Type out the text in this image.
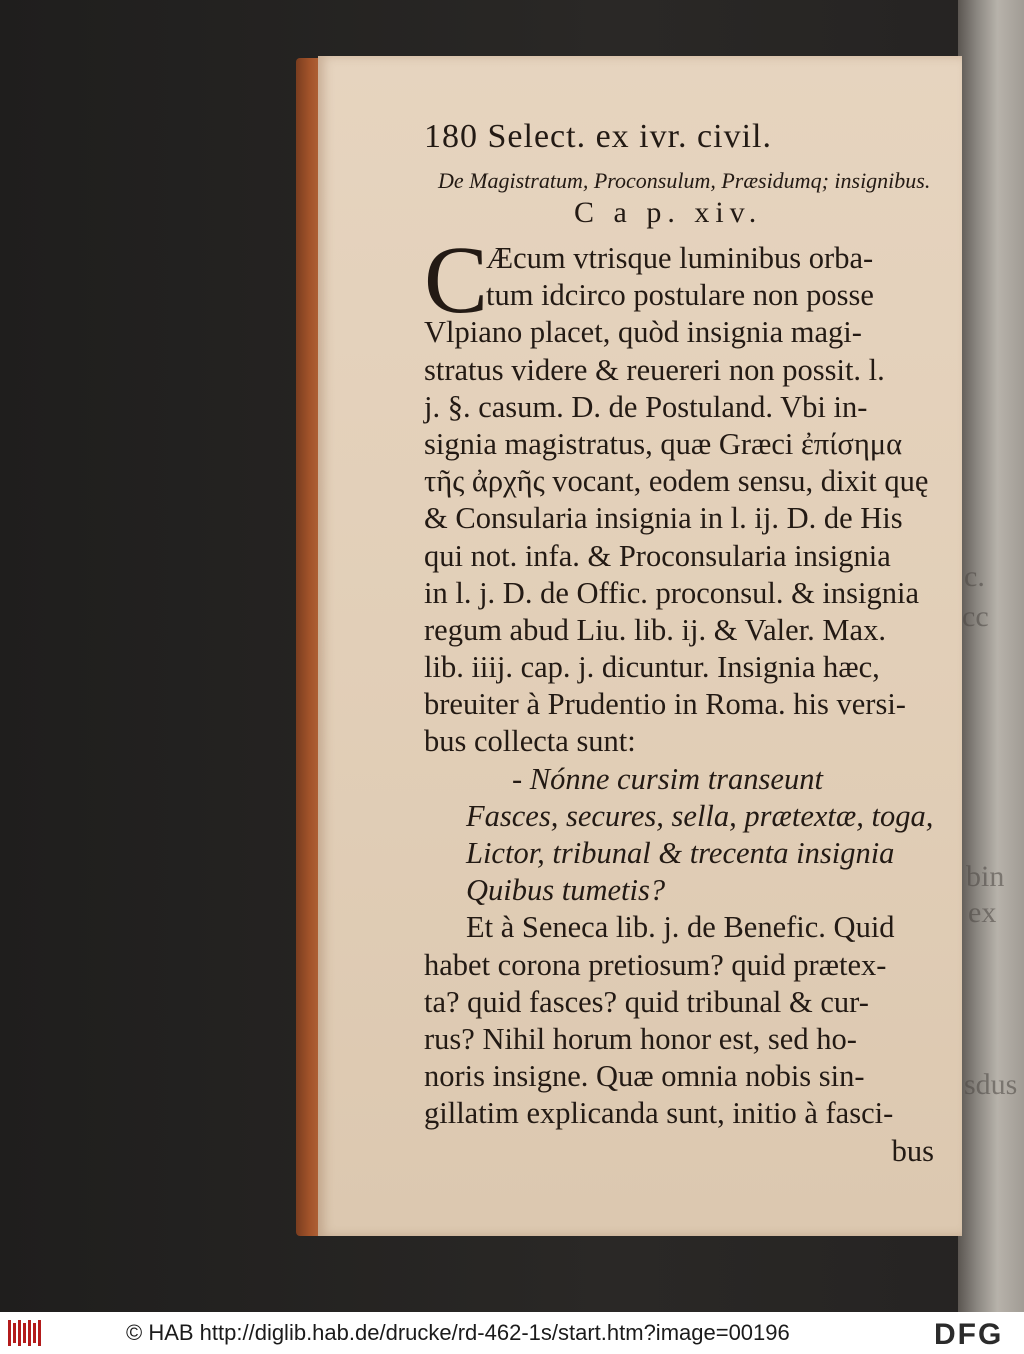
c.
cc
bin
ex
sdus
180 Select. ex ivr. civil.
De Magistratum, Proconsulum, Præsidumq; insignibus.
C a p. xiv.
C
Æcum vtrisque luminibus orba-
tum idcirco postulare non posse
Vlpiano placet, quòd insignia magi-
stratus videre & reuereri non possit. l.
j. §. casum. D. de Postuland. Vbi in-
signia magistratus, quæ Græci ἐπίσημα
τῆς ἀρχῆς vocant, eodem sensu, dixit quę
& Consularia insignia in l. ij. D. de His
qui not. infa. & Proconsularia insignia
in l. j. D. de Offic. proconsul. & insignia
regum abud Liu. lib. ij. & Valer. Max.
lib. iiij. cap. j. dicuntur. Insignia hæc,
breuiter à Prudentio in Roma. his versi-
bus collecta sunt:
- Nónne cursim transeunt
Fasces, secures, sella, prætextæ, toga,
Lictor, tribunal & trecenta insignia
Quibus tumetis?
Et à Seneca lib. j. de Benefic. Quid
habet corona pretiosum? quid prætex-
ta? quid fasces? quid tribunal & cur-
rus? Nihil horum honor est, sed ho-
noris insigne. Quæ omnia nobis sin-
gillatim explicanda sunt, initio à fasci-
bus
© HAB http://diglib.hab.de/drucke/rd-462-1s/start.htm?image=00196	DFG
